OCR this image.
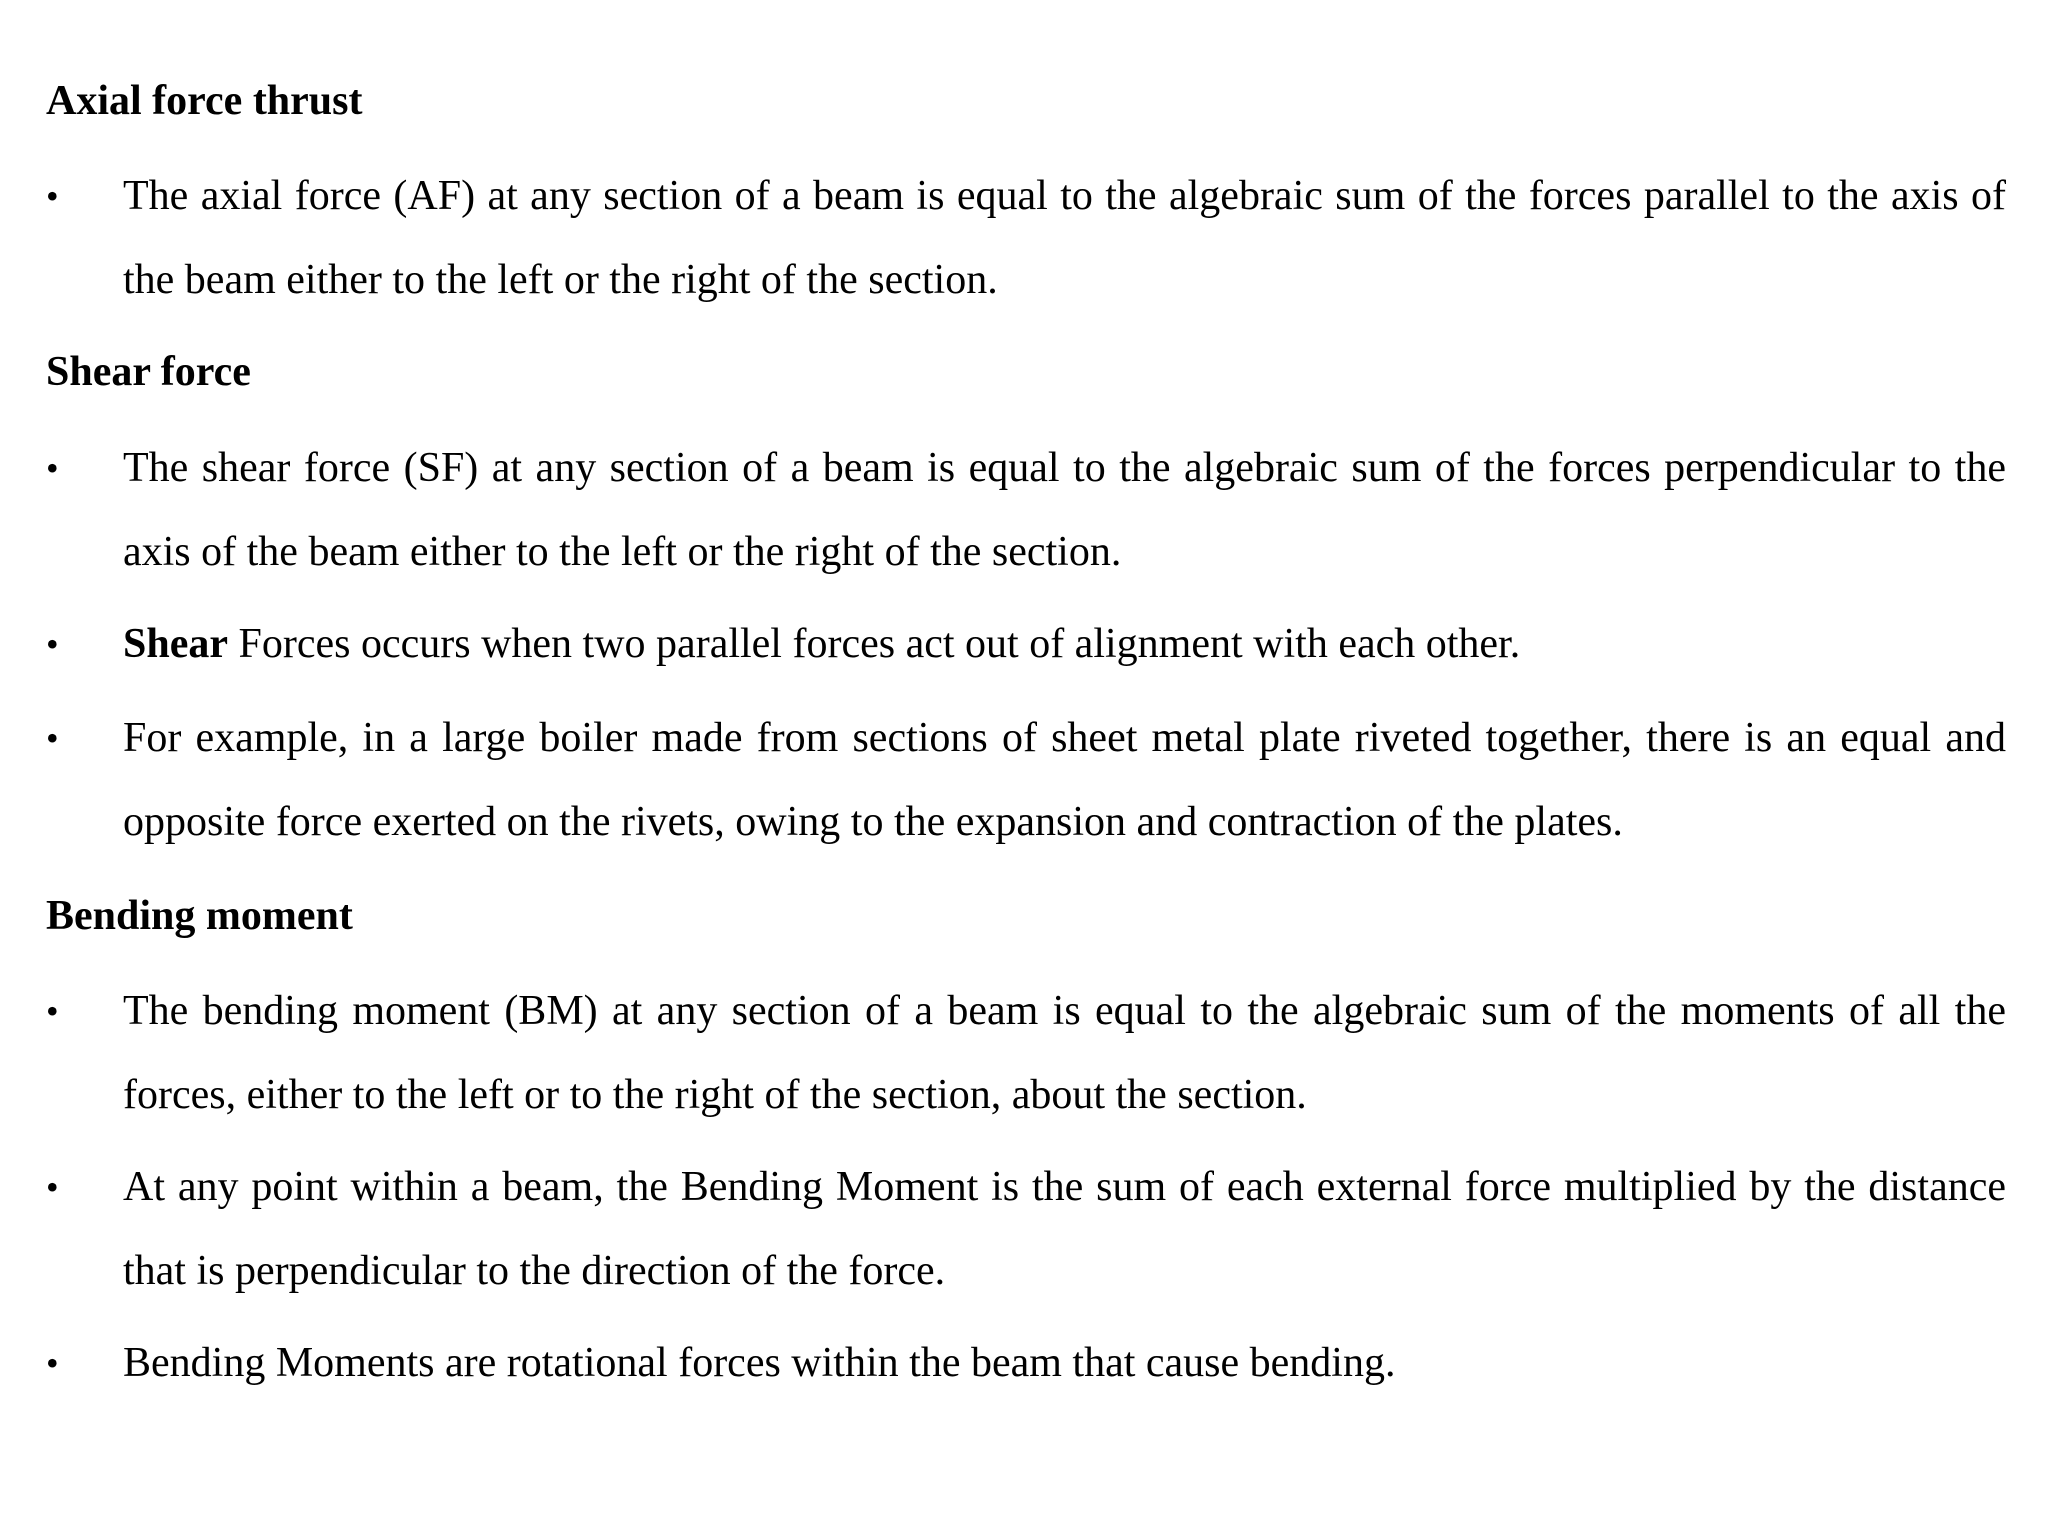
Axial force thrust
• The axial force (AF) at any section of a beam is equal to the algebraic sum of the forces parallel to the axis of the beam either to the left or the right of the section.
Shear force
• The shear force (SF) at any section of a beam is equal to the algebraic sum of the forces perpendicular to the axis of the beam either to the left or the right of the section.
• Shear Forces occurs when two parallel forces act out of alignment with each other.
• For example, in a large boiler made from sections of sheet metal plate riveted together, there is an equal and opposite force exerted on the rivets, owing to the expansion and contraction of the plates.
Bending moment
• The bending moment (BM) at any section of a beam is equal to the algebraic sum of the moments of all the forces, either to the left or to the right of the section, about the section.
• At any point within a beam, the Bending Moment is the sum of each external force multiplied by the distance that is perpendicular to the direction of the force.
• Bending Moments are rotational forces within the beam that cause bending.
